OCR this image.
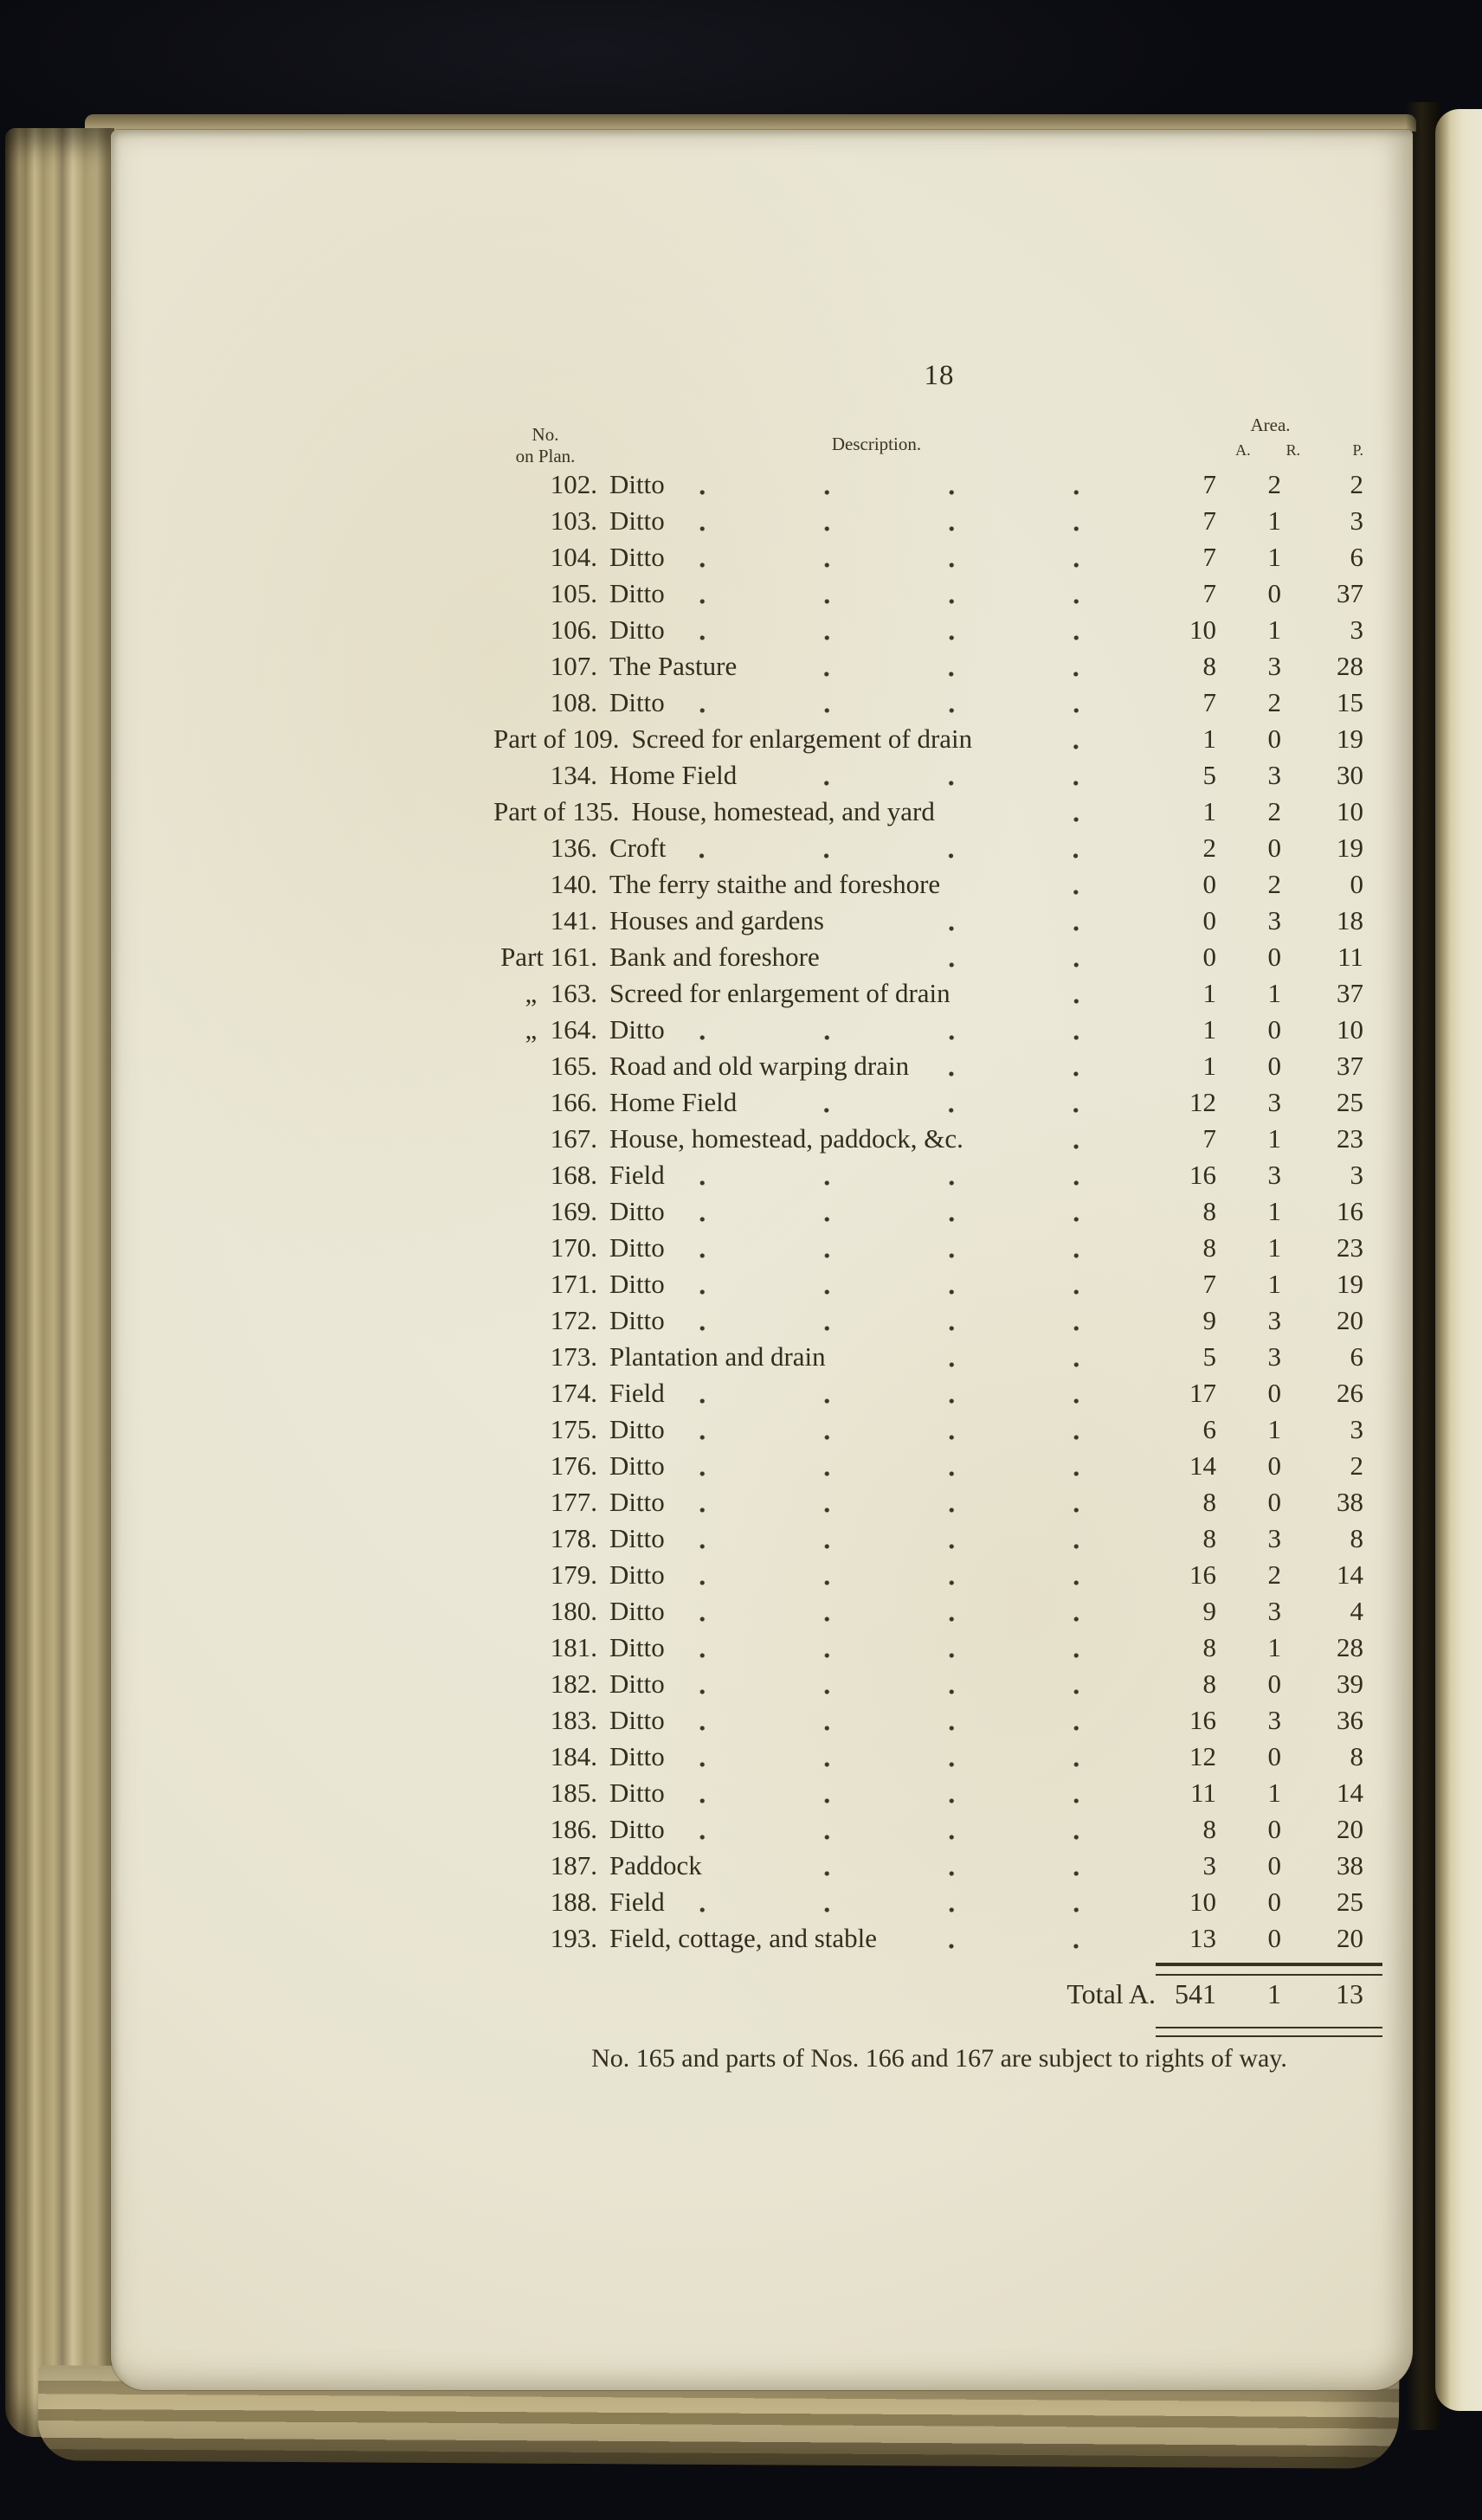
18
No.
on Plan.
Description.
Area.
A.	R.	P.
102. Ditto	7	2	2
103. Ditto	7	1	3
104. Ditto	7	1	6
105. Ditto	7	0	37
106. Ditto	10	1	3
107. The Pasture	8	3	28
108. Ditto	7	2	15
Part of 109. Screed for enlargement of drain	1	0	19
134. Home Field	5	3	30
Part of 135. House, homestead, and yard	1	2	10
136. Croft	2	0	19
140. The ferry staithe and foreshore	0	2	0
141. Houses and gardens	0	3	18
Part 161. Bank and foreshore	0	0	11
„ 163. Screed for enlargement of drain	1	1	37
„ 164. Ditto	1	0	10
165. Road and old warping drain	1	0	37
166. Home Field	12	3	25
167. House, homestead, paddock, &c.	7	1	23
168. Field	16	3	3
169. Ditto	8	1	16
170. Ditto	8	1	23
171. Ditto	7	1	19
172. Ditto	9	3	20
173. Plantation and drain	5	3	6
174. Field	17	0	26
175. Ditto	6	1	3
176. Ditto	14	0	2
177. Ditto	8	0	38
178. Ditto	8	3	8
179. Ditto	16	2	14
180. Ditto	9	3	4
181. Ditto	8	1	28
182. Ditto	8	0	39
183. Ditto	16	3	36
184. Ditto	12	0	8
185. Ditto	11	1	14
186. Ditto	8	0	20
187. Paddock	3	0	38
188. Field	10	0	25
193. Field, cottage, and stable	13	0	20
Total A. 541	1	13
No. 165 and parts of Nos. 166 and 167 are subject to rights of way.
